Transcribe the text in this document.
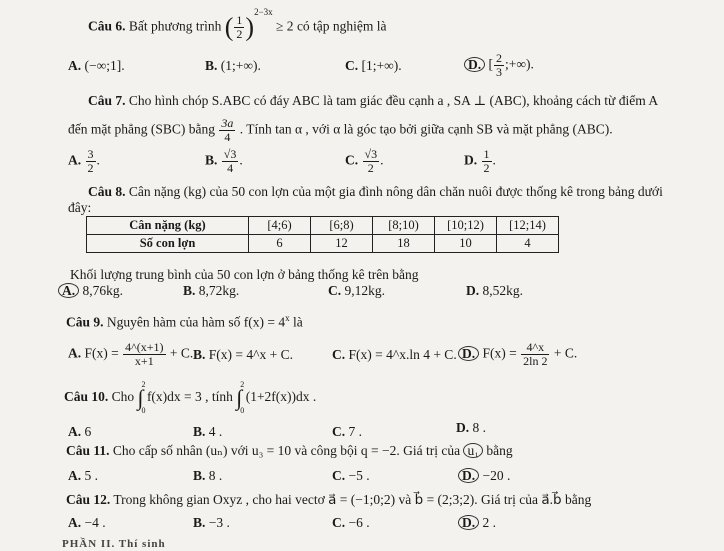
Câu 6. Bất phương trình ( $\frac{1}{2} )^{2-3x} \ge 2$ có tập nghiệm là
A. (−∞;1].	B. (1;+∞).	C. [1;+∞).	D. [ $\frac{2}{3}$ ;+∞).
Câu 7. Cho hình chóp S.ABC có đáy ABC là tam giác đều cạnh a , SA ⊥ (ABC), khoảng cách từ điểm A
đến mặt phẳng (SBC) bằng $\frac{3a}{4}$ . Tính tan α , với α là góc tạo bởi giữa cạnh SB và mặt phẳng (ABC).
A. $\frac{3}{2}$ .	B. $\frac{√3}{4}$ .	C. $\frac{√3}{2}$ .	D. $\frac{1}{2}$ .
Câu 8. Cân nặng (kg) của 50 con lợn của một gia đình nông dân chăn nuôi được thống kê trong bảng dưới
đây:
Cân nặng (kg)	[4;6)	[6;8)	[8;10)	[10;12)	[12;14)
Số con lợn	6	12	18	10	4
Khối lượng trung bình của 50 con lợn ở bảng thống kê trên bằng
A. 8,76kg.	B. 8,72kg.	C. 9,12kg.	D. 8,52kg.
Câu 9. Nguyên hàm của hàm số $f(x) = 4^x$ là
A. $F(x) = \frac{4\^{}(x+1)}{x+1} + C$. B. F(x) = 4^x + C.	C. F(x) = 4^x.ln 4 + C. D. $F(x) = \frac{4\^{}x}{2\ln 2} + C$.
Câu 10. Cho ∫
2
0
f(x)dx = 3 , tính ∫
2
0
(1+2f(x))dx .
A. 6	B. 4 .	C. 7 .	D. 8 .
Câu 11. Cho cấp số nhân (uₙ) với u₃ = 10 và công bội q = −2. Giá trị của u₁ bằng
A. 5 .	B. 8 .	C. −5 .	D. −20 .
Câu 12. Trong không gian Oxyz , cho hai vectơ a⃗ = (−1;0;2) và b⃗ = (2;3;2). Giá trị của a⃗.b⃗ bằng
A. −4 .	B. −3 .	C. −6 .	D. 2 .
PHẦN II. Thí sinh
